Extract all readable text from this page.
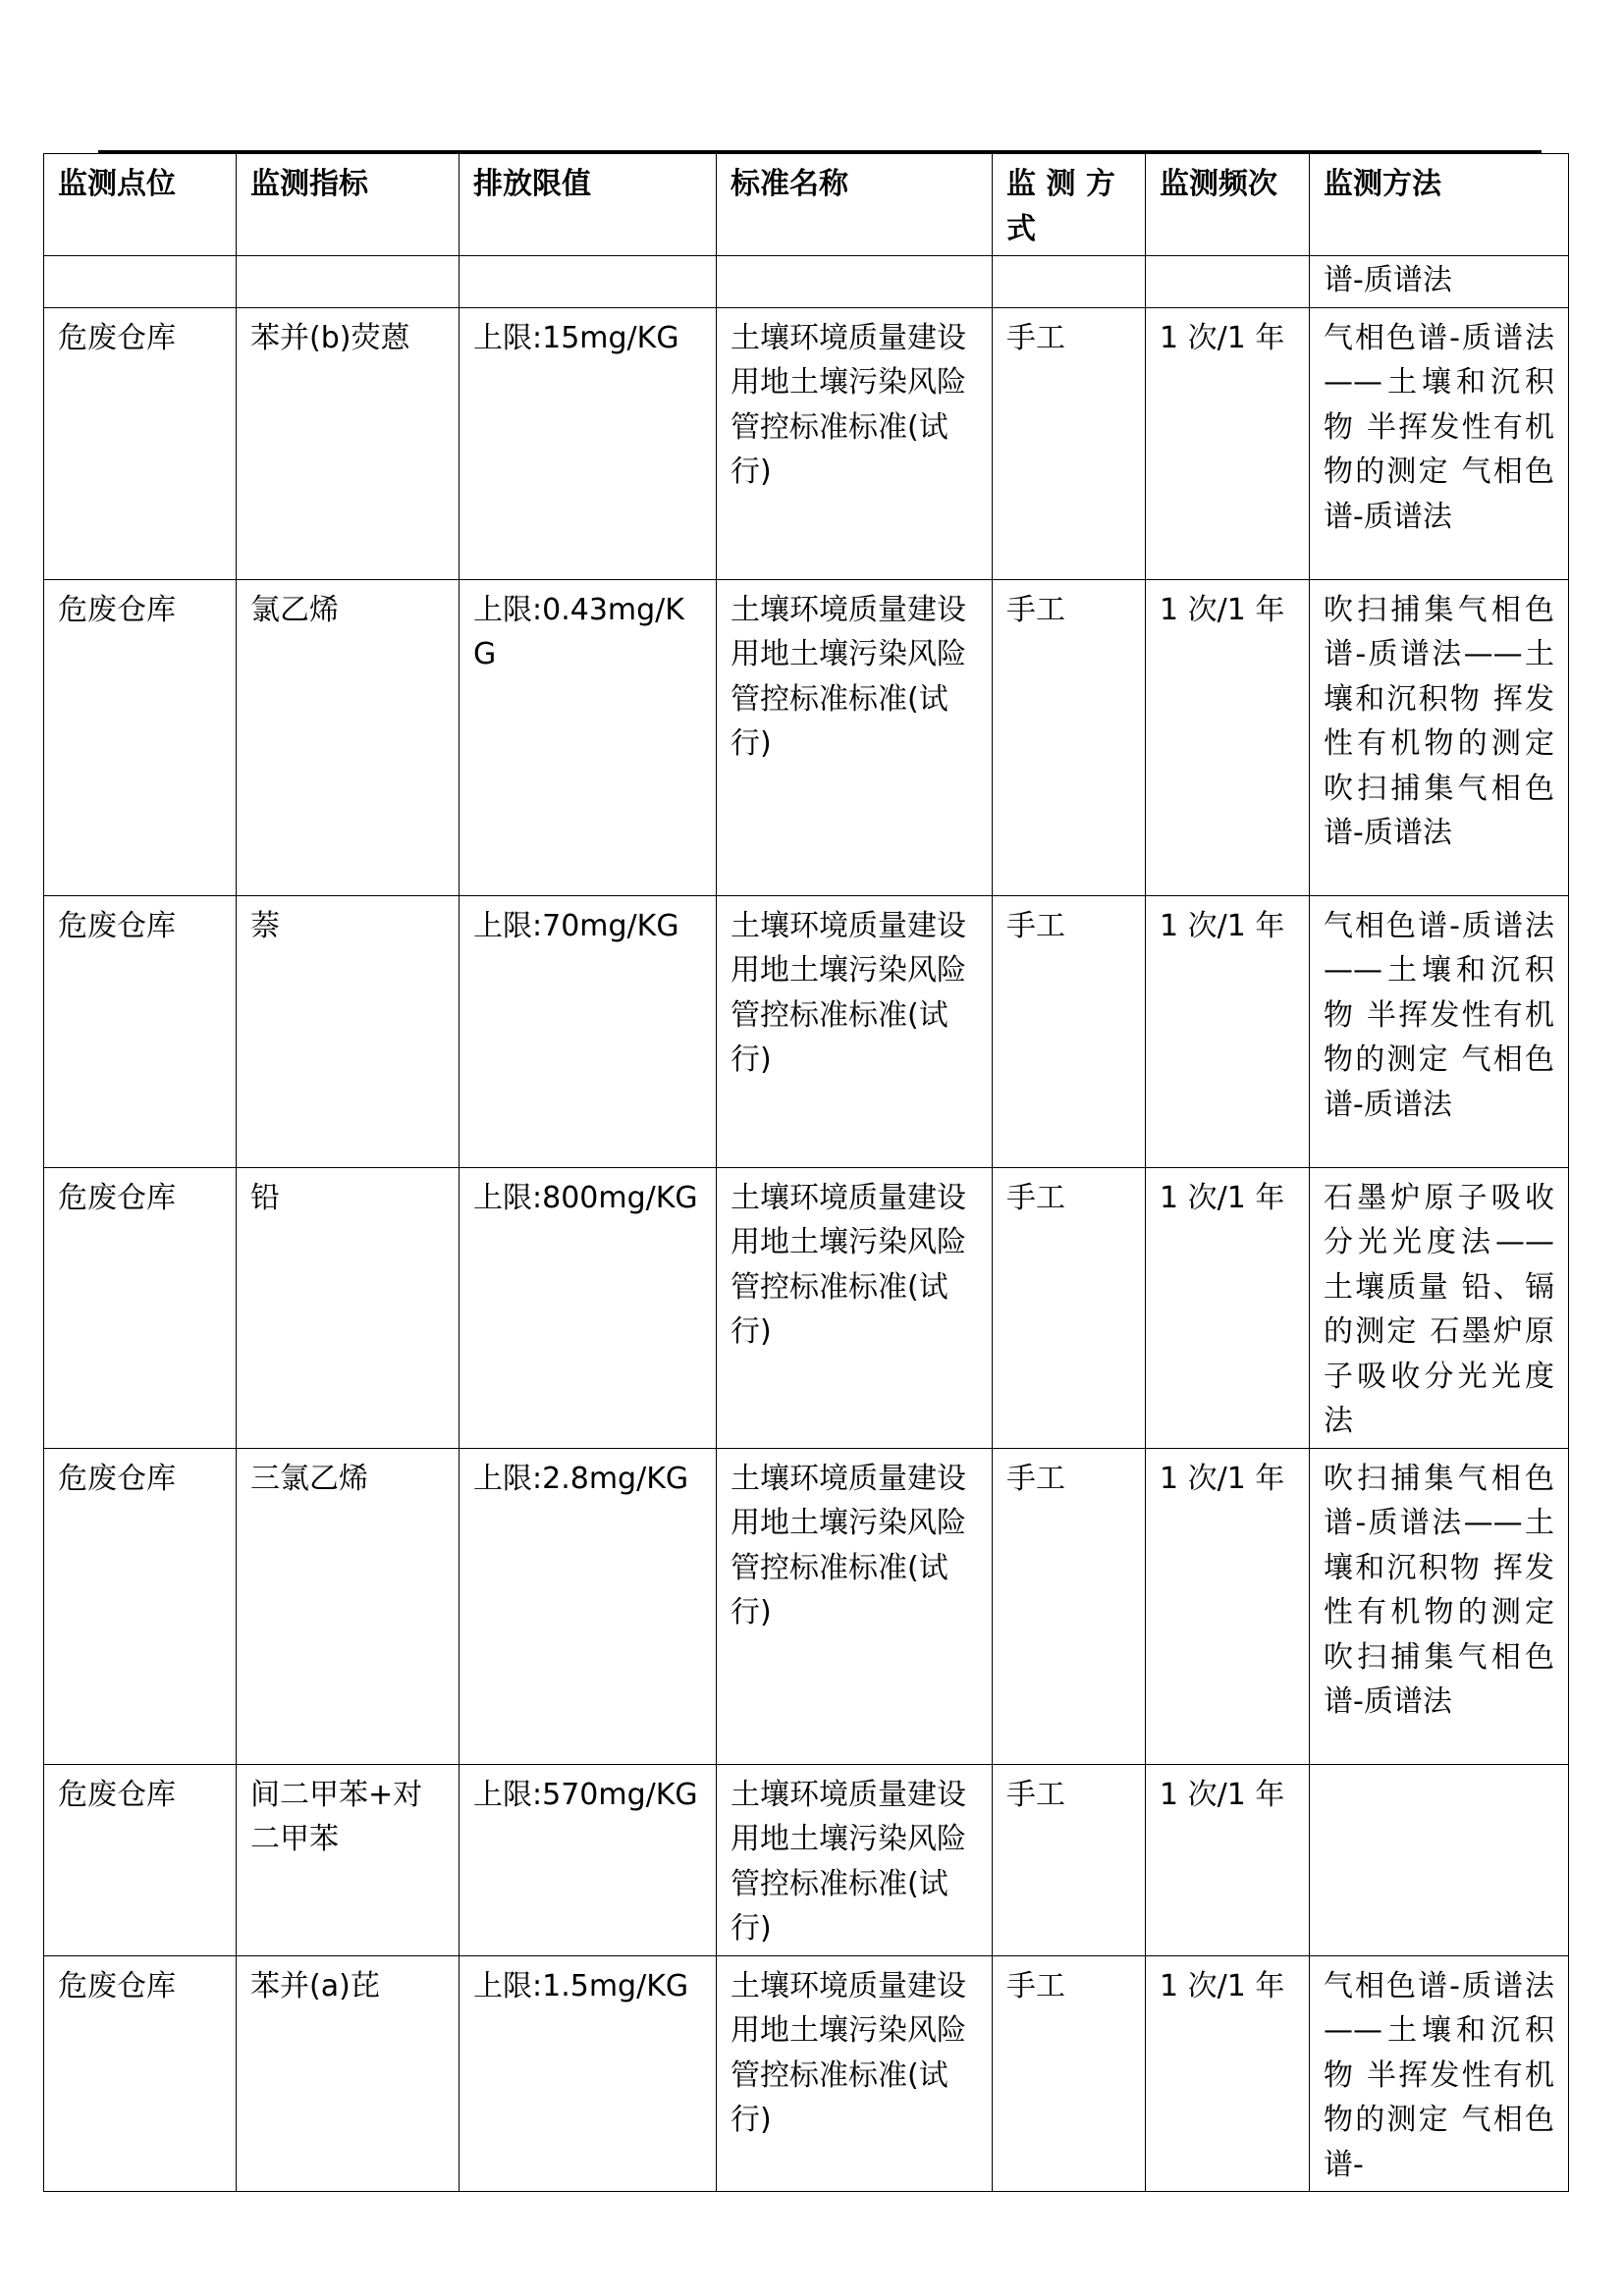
监测点位	监测指标	排放限值	标准名称	监 测 方 式	监测频次	监测方法
						谱-质谱法
危废仓库	苯并(b)荧蒽	上限:15mg/KG	土壤环境质量建设用地土壤污染风险管控标准标准(试行)	手工	1 次/1 年	气相色谱-质谱法——土壤和沉积物 半挥发性有机物的测定 气相色谱-质谱法
危废仓库	氯乙烯	上限:0.43mg/KG	土壤环境质量建设用地土壤污染风险管控标准标准(试行)	手工	1 次/1 年	吹扫捕集气相色谱-质谱法——土壤和沉积物 挥发性有机物的测定 吹扫捕集气相色谱-质谱法
危废仓库	萘	上限:70mg/KG	土壤环境质量建设用地土壤污染风险管控标准标准(试行)	手工	1 次/1 年	气相色谱-质谱法——土壤和沉积物 半挥发性有机物的测定 气相色谱-质谱法
危废仓库	铅	上限:800mg/KG	土壤环境质量建设用地土壤污染风险管控标准标准(试行)	手工	1 次/1 年	石墨炉原子吸收分光光度法——土壤质量 铅、镉的测定 石墨炉原子吸收分光光度法
危废仓库	三氯乙烯	上限:2.8mg/KG	土壤环境质量建设用地土壤污染风险管控标准标准(试行)	手工	1 次/1 年	吹扫捕集气相色谱-质谱法——土壤和沉积物 挥发性有机物的测定 吹扫捕集气相色谱-质谱法
危废仓库	间二甲苯+对二甲苯	上限:570mg/KG	土壤环境质量建设用地土壤污染风险管控标准标准(试行)	手工	1 次/1 年	
危废仓库	苯并(a)芘	上限:1.5mg/KG	土壤环境质量建设用地土壤污染风险管控标准标准(试行)	手工	1 次/1 年	气相色谱-质谱法——土壤和沉积物 半挥发性有机物的测定 气相色谱-
